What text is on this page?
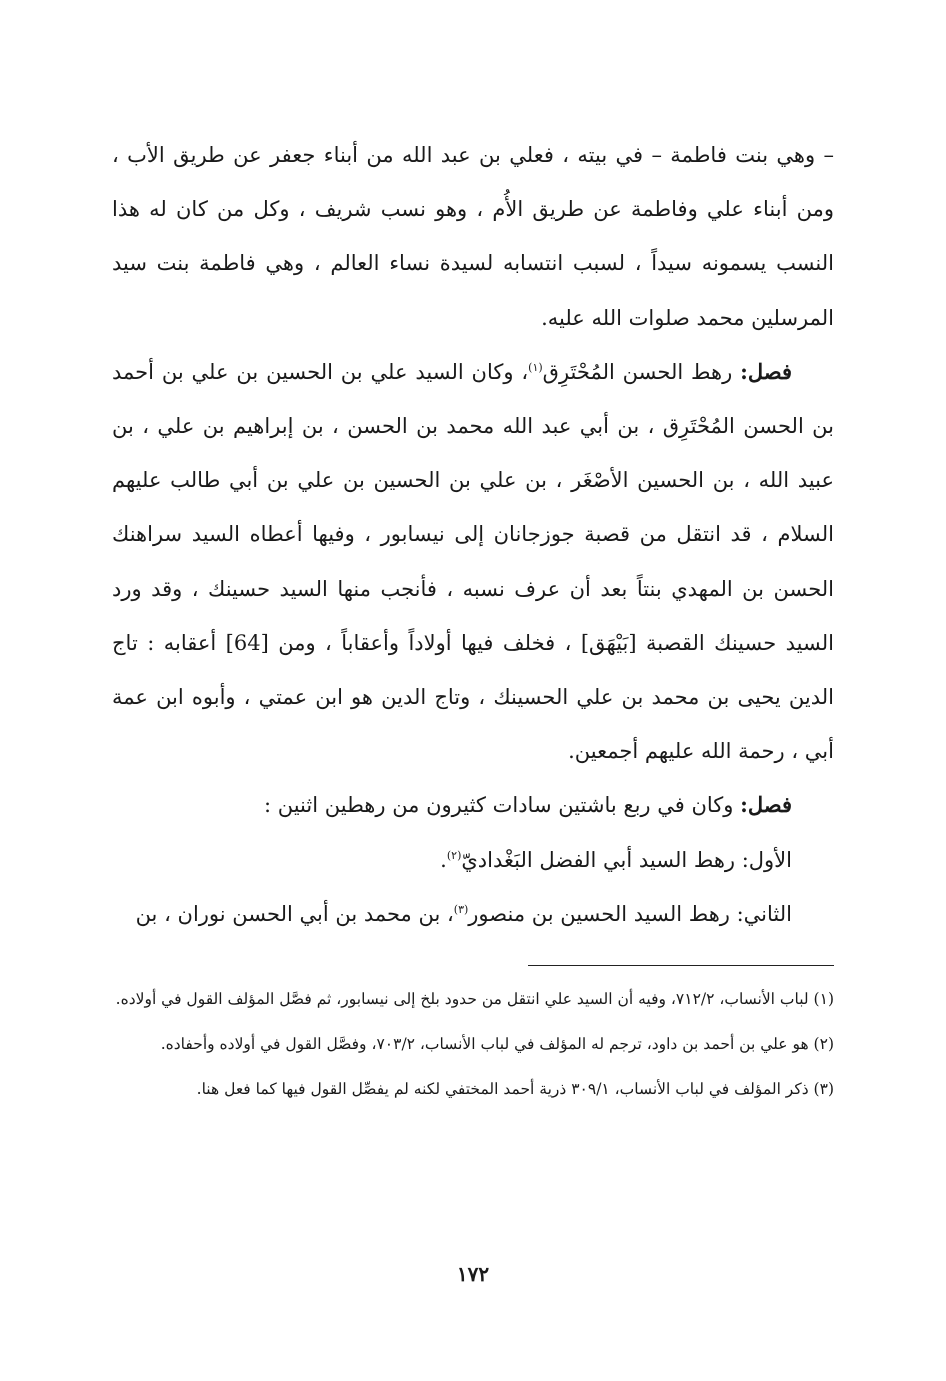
– وهي بنت فاطمة – في بيته ، فعلي بن عبد الله من أبناء جعفر عن طريق الأب ، ومن أبناء علي وفاطمة عن طريق الأُم ، وهو نسب شريف ، وكل من كان له هذا النسب يسمونه سيداً ، لسبب انتسابه لسيدة نساء العالم ، وهي فاطمة بنت سيد المرسلين محمد صلوات الله عليه.

فصل: رهط الحسن المُحْتَرِق$^{(١)}$، وكان السيد علي بن الحسين بن علي بن أحمد بن الحسن المُحْتَرِق ، بن أبي عبد الله محمد بن الحسن ، بن إبراهيم بن علي ، بن عبيد الله ، بن الحسين الأصْغَر ، بن علي بن الحسين بن علي بن أبي طالب عليهم السلام ، قد انتقل من قصبة جوزجانان إلى نيسابور ، وفيها أعطاه السيد سراهنك الحسن بن المهدي بنتاً بعد أن عرف نسبه ، فأنجب منها السيد حسينك ، وقد ورد السيد حسينك القصبة [بَيْهَق] ، فخلف فيها أولاداً وأعقاباً ، ومن [64] أعقابه : تاج الدين يحيى بن محمد بن علي الحسينك ، وتاج الدين هو ابن عمتي ، وأبوه ابن عمة أبي ، رحمة الله عليهم أجمعين.

فصل: وكان في ربع باشتين سادات كثيرون من رهطين اثنين :

الأول: رهط السيد أبي الفضل البَغْداديّ$^{(٢)}$.

الثاني: رهط السيد الحسين بن منصور$^{(٣)}$، بن محمد بن أبي الحسن نوران ، بن

(١) لباب الأنساب، ٧١٢/٢، وفيه أن السيد علي انتقل من حدود بلخ إلى نيسابور، ثم فصَّل المؤلف القول في أولاده.

(٢) هو علي بن أحمد بن داود، ترجم له المؤلف في لباب الأنساب، ٧٠٣/٢، وفصَّل القول في أولاده وأحفاده.

(٣) ذكر المؤلف في لباب الأنساب، ٣٠٩/١ ذرية أحمد المختفي لكنه لم يفصِّل القول فيها كما فعل هنا.

١٧٢
